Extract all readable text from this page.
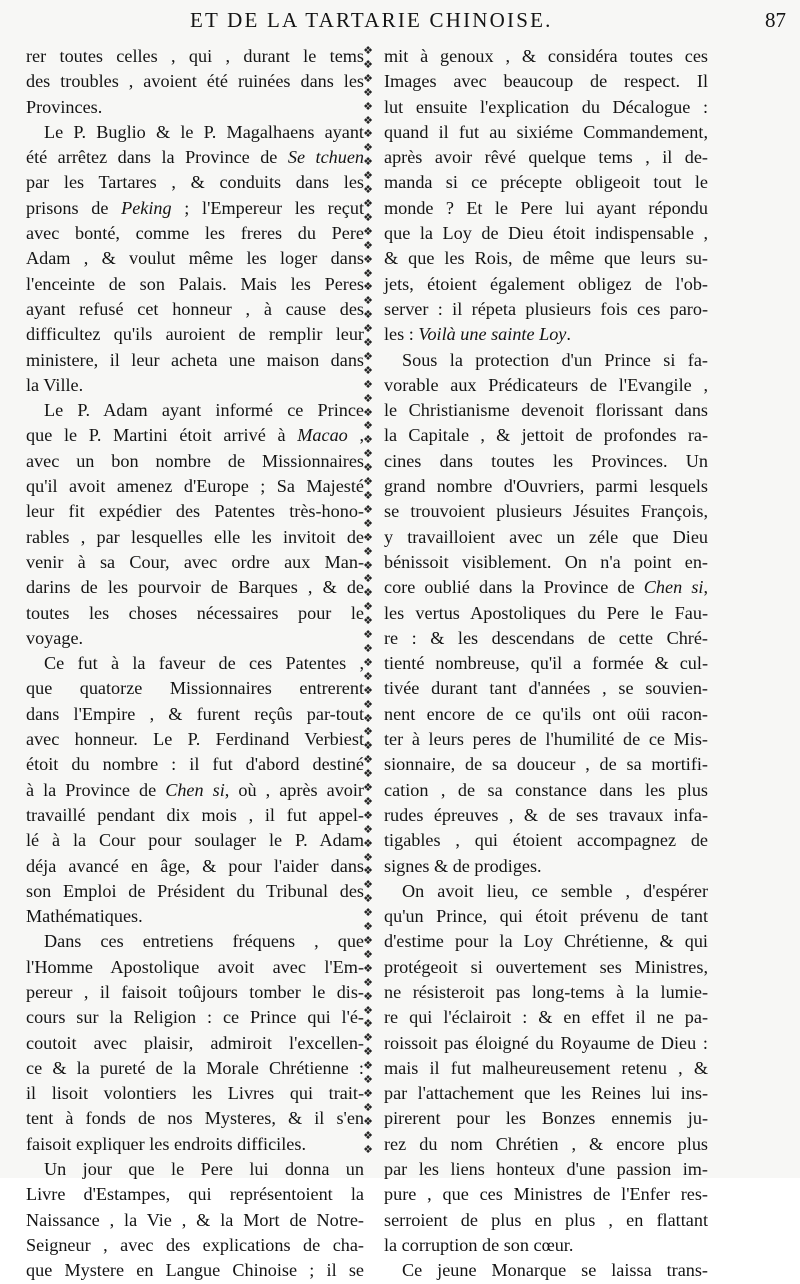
ET DE LA TARTARIE CHINOISE.	87
rer toutes celles , qui , durant le tems
des troubles , avoient été ruinées dans les
Provinces.
Le P. Buglio & le P. Magalhaens ayant
été arrêtez dans la Province de Se tchuen
par les Tartares , & conduits dans les
prisons de Peking ; l'Empereur les reçut
avec bonté, comme les freres du Pere
Adam , & voulut même les loger dans
l'enceinte de son Palais. Mais les Peres
ayant refusé cet honneur , à cause des
difficultez qu'ils auroient de remplir leur
ministere, il leur acheta une maison dans
la Ville.
Le P. Adam ayant informé ce Prince
que le P. Martini étoit arrivé à Macao ,
avec un bon nombre de Missionnaires
qu'il avoit amenez d'Europe ; Sa Majesté
leur fit expédier des Patentes très-hono-
rables , par lesquelles elle les invitoit de
venir à sa Cour, avec ordre aux Man-
darins de les pourvoir de Barques , & de
toutes les choses nécessaires pour le
voyage.
Ce fut à la faveur de ces Patentes ,
que quatorze Missionnaires entrerent
dans l'Empire , & furent reçûs par-tout
avec honneur. Le P. Ferdinand Verbiest
étoit du nombre : il fut d'abord destiné
à la Province de Chen si, où , après avoir
travaillé pendant dix mois , il fut appel-
lé à la Cour pour soulager le P. Adam
déja avancé en âge, & pour l'aider dans
son Emploi de Président du Tribunal des
Mathématiques.
Dans ces entretiens fréquens , que
l'Homme Apostolique avoit avec l'Em-
pereur , il faisoit toûjours tomber le dis-
cours sur la Religion : ce Prince qui l'é-
coutoit avec plaisir, admiroit l'excellen-
ce & la pureté de la Morale Chrétienne :
il lisoit volontiers les Livres qui trait-
tent à fonds de nos Mysteres, & il s'en
faisoit expliquer les endroits difficiles.
Un jour que le Pere lui donna un
Livre d'Estampes, qui représentoient la
Naissance , la Vie , & la Mort de Notre-
Seigneur , avec des explications de cha-
que Mystere en Langue Chinoise ; il se
❖
❖
❖
❖
❖
❖
❖
❖
❖
❖
❖
❖
❖
❖
❖
❖
❖
❖
❖
❖
❖
❖
❖
❖
❖
❖
❖
❖
❖
❖
❖
❖
❖
❖
❖
❖
❖
❖
❖
❖
❖
❖
❖
❖
❖
❖
❖
❖
❖
❖
❖
❖
❖
❖
❖
❖
❖
❖
❖
❖
❖
❖
❖
❖
❖
❖
❖
❖
❖
❖
❖
❖
❖
❖
❖
❖
❖
❖
❖
❖
mit à genoux , & considéra toutes ces
Images avec beaucoup de respect. Il
lut ensuite l'explication du Décalogue :
quand il fut au sixiéme Commandement,
après avoir rêvé quelque tems , il de-
manda si ce précepte obligeoit tout le
monde ? Et le Pere lui ayant répondu
que la Loy de Dieu étoit indispensable ,
& que les Rois, de même que leurs su-
jets, étoient également obligez de l'ob-
server : il répeta plusieurs fois ces paro-
les : Voilà une sainte Loy.
Sous la protection d'un Prince si fa-
vorable aux Prédicateurs de l'Evangile ,
le Christianisme devenoit florissant dans
la Capitale , & jettoit de profondes ra-
cines dans toutes les Provinces. Un
grand nombre d'Ouvriers, parmi lesquels
se trouvoient plusieurs Jésuites François,
y travailloient avec un zéle que Dieu
bénissoit visiblement. On n'a point en-
core oublié dans la Province de Chen si,
les vertus Apostoliques du Pere le Fau-
re : & les descendans de cette Chré-
tienté nombreuse, qu'il a formée & cul-
tivée durant tant d'années , se souvien-
nent encore de ce qu'ils ont oüi racon-
ter à leurs peres de l'humilité de ce Mis-
sionnaire, de sa douceur , de sa mortifi-
cation , de sa constance dans les plus
rudes épreuves , & de ses travaux infa-
tigables , qui étoient accompagnez de
signes & de prodiges.
On avoit lieu, ce semble , d'espérer
qu'un Prince, qui étoit prévenu de tant
d'estime pour la Loy Chrétienne, & qui
protégeoit si ouvertement ses Ministres,
ne résisteroit pas long-tems à la lumie-
re qui l'éclairoit : & en effet il ne pa-
roissoit pas éloigné du Royaume de Dieu :
mais il fut malheureusement retenu , &
par l'attachement que les Reines lui ins-
pirerent pour les Bonzes ennemis ju-
rez du nom Chrétien , & encore plus
par les liens honteux d'une passion im-
pure , que ces Ministres de l'Enfer res-
serroient de plus en plus , en flattant
la corruption de son cœur.
Ce jeune Monarque se laissa trans-
